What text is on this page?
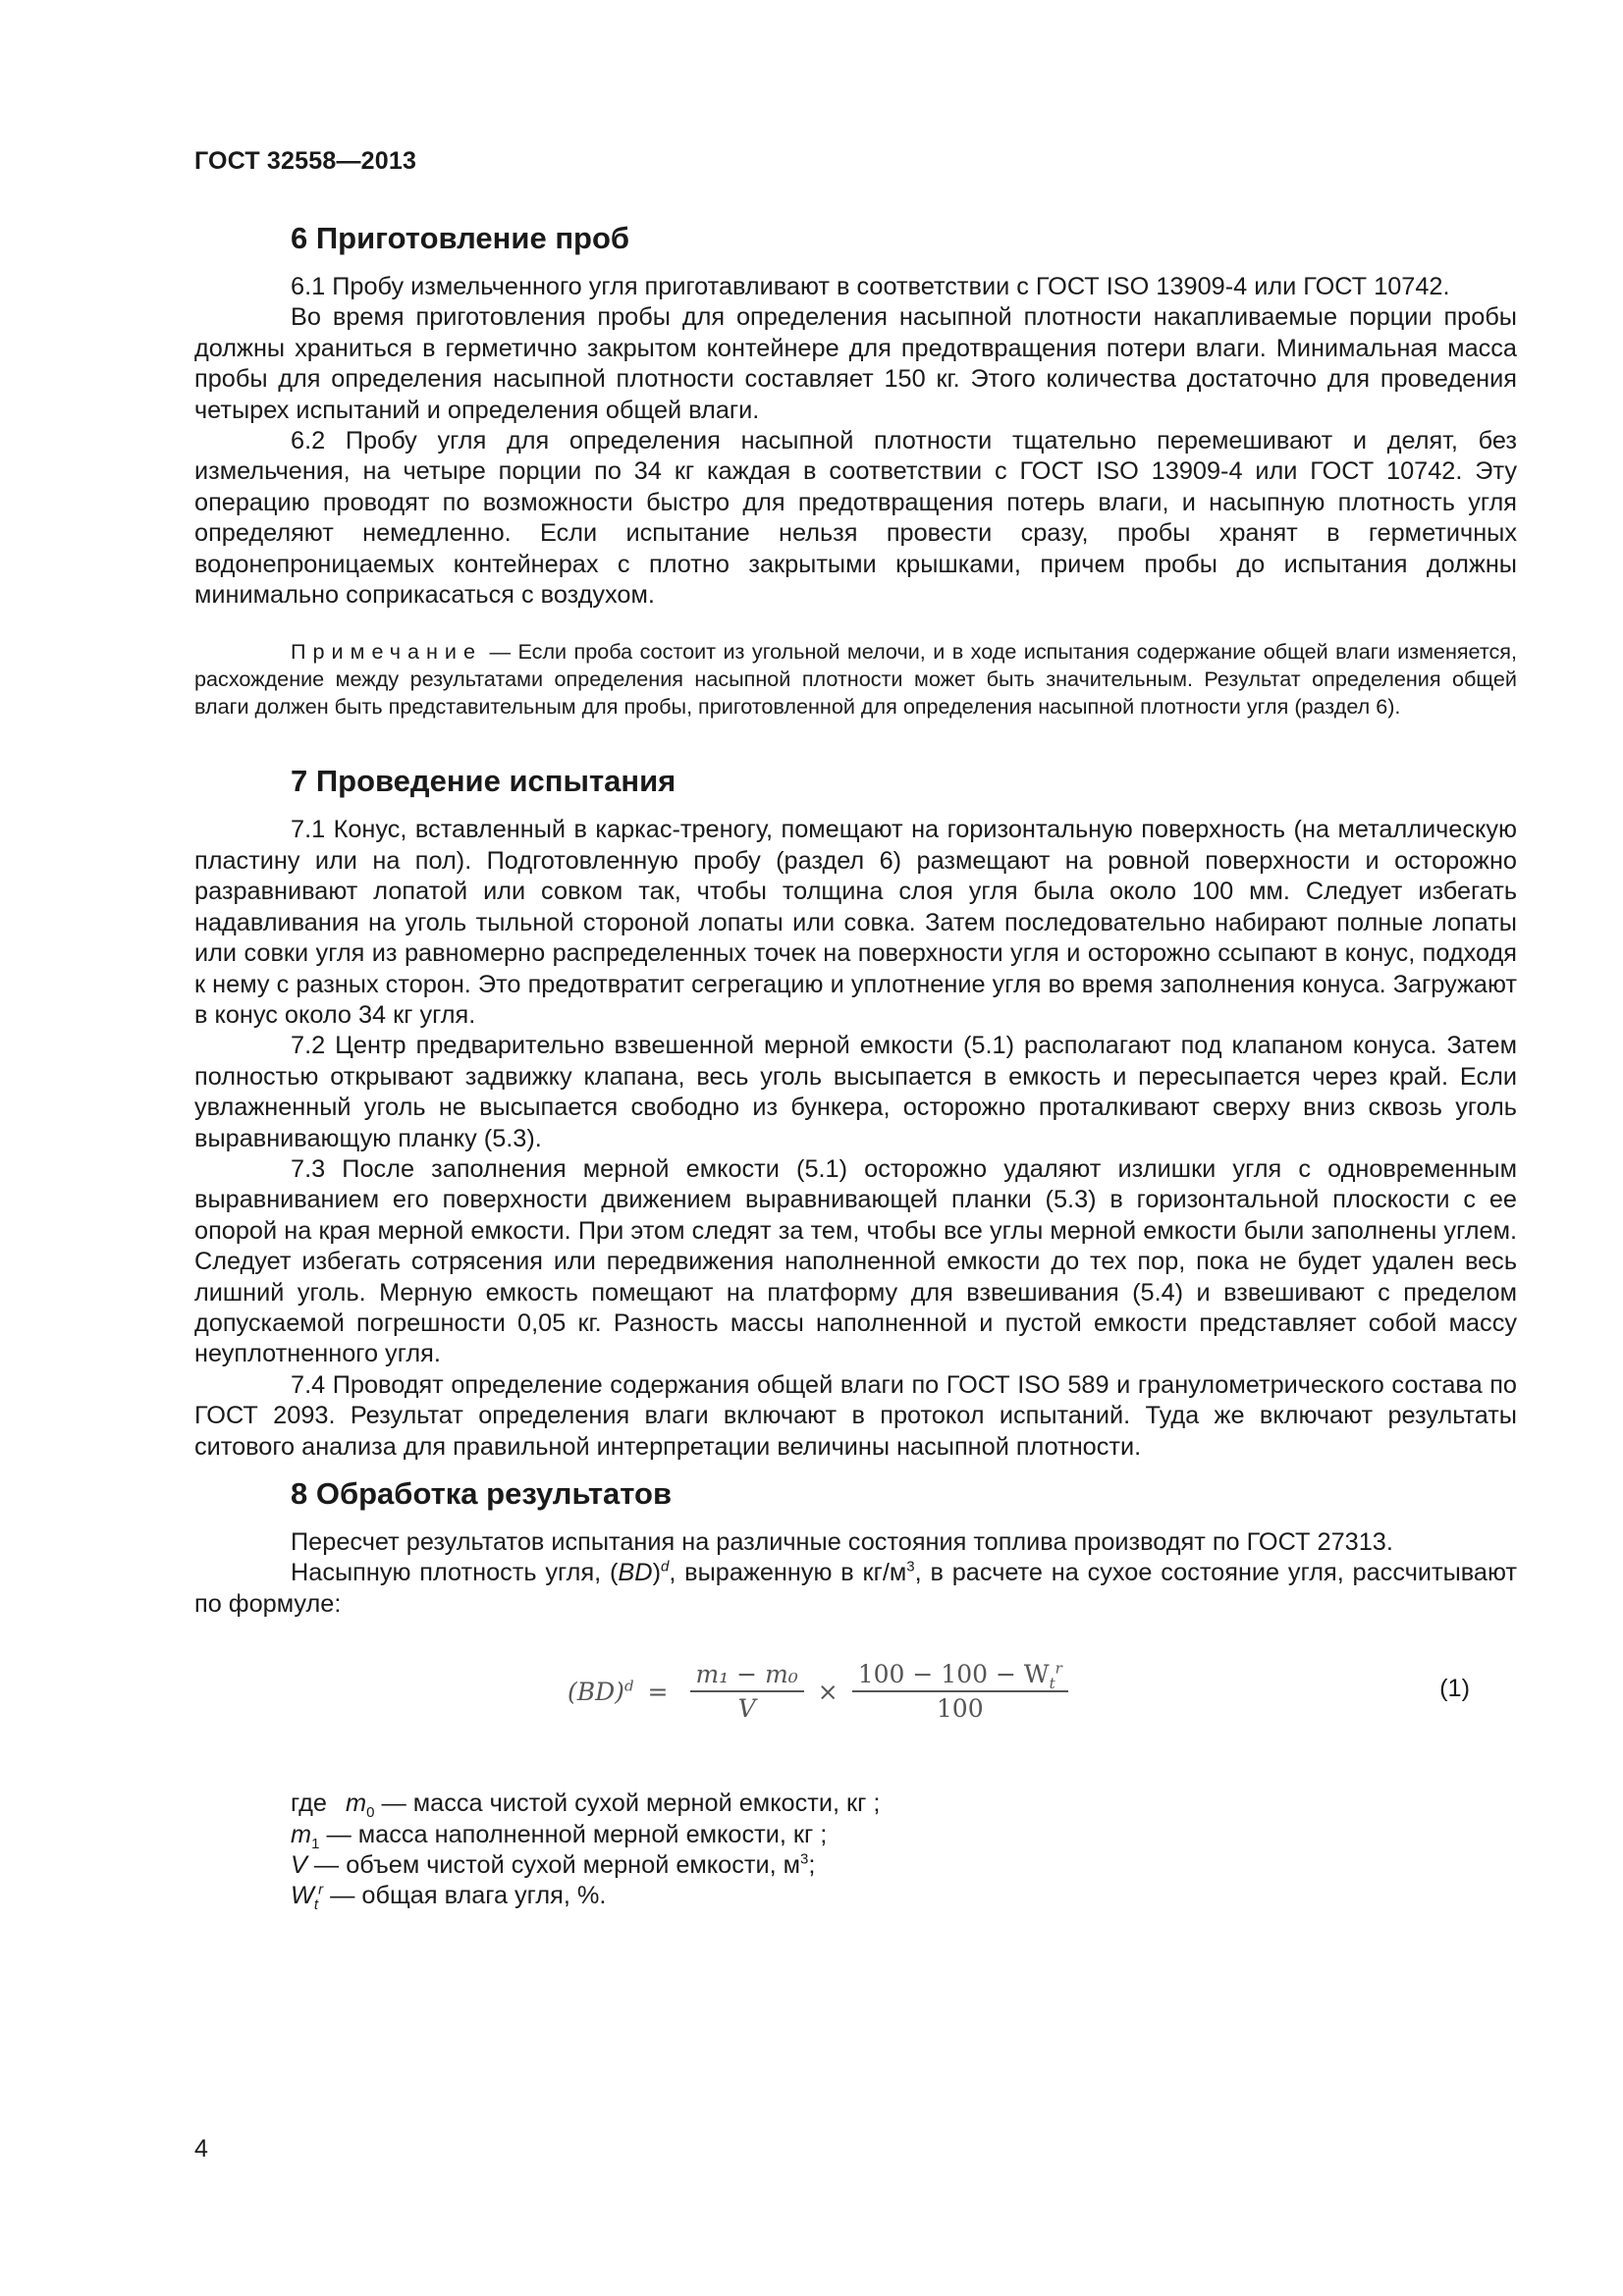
ГОСТ 32558—2013
6 Приготовление проб

6.1 Пробу измельченного угля приготавливают в соответствии с ГОСТ ISO 13909-4 или ГОСТ 10742.

Во время приготовления пробы для определения насыпной плотности накапливаемые порции пробы должны храниться в герметично закрытом контейнере для предотвращения потери влаги. Минимальная масса пробы для определения насыпной плотности составляет 150 кг. Этого количества достаточно для проведения четырех испытаний и определения общей влаги.

6.2 Пробу угля для определения насыпной плотности тщательно перемешивают и делят, без измельчения, на четыре порции по 34 кг каждая в соответствии с ГОСТ ISO 13909-4 или ГОСТ 10742. Эту операцию проводят по возможности быстро для предотвращения потерь влаги, и насыпную плотность угля определяют немедленно. Если испытание нельзя провести сразу, пробы хранят в герметичных водонепроницаемых контейнерах с плотно закрытыми крышками, причем пробы до испытания должны минимально соприкасаться с воздухом.

Примечание — Если проба состоит из угольной мелочи, и в ходе испытания содержание общей влаги изменяется, расхождение между результатами определения насыпной плотности может быть значительным. Результат определения общей влаги должен быть представительным для пробы, приготовленной для определения насыпной плотности угля (раздел 6).
7 Проведение испытания

7.1 Конус, вставленный в каркас-треногу, помещают на горизонтальную поверхность (на металлическую пластину или на пол). Подготовленную пробу (раздел 6) размещают на ровной поверхности и осторожно разравнивают лопатой или совком так, чтобы толщина слоя угля была около 100 мм. Следует избегать надавливания на уголь тыльной стороной лопаты или совка. Затем последовательно набирают полные лопаты или совки угля из равномерно распределенных точек на поверхности угля и осторожно ссыпают в конус, подходя к нему с разных сторон. Это предотвратит сегрегацию и уплотнение угля во время заполнения конуса. Загружают в конус около 34 кг угля.

7.2 Центр предварительно взвешенной мерной емкости (5.1) располагают под клапаном конуса. Затем полностью открывают задвижку клапана, весь уголь высыпается в емкость и пересыпается через край. Если увлажненный уголь не высыпается свободно из бункера, осторожно проталкивают сверху вниз сквозь уголь выравнивающую планку (5.3).

7.3 После заполнения мерной емкости (5.1) осторожно удаляют излишки угля с одновременным выравниванием его поверхности движением выравнивающей планки (5.3) в горизонтальной плоскости с ее опорой на края мерной емкости. При этом следят за тем, чтобы все углы мерной емкости были заполнены углем. Следует избегать сотрясения или передвижения наполненной емкости до тех пор, пока не будет удален весь лишний уголь. Мерную емкость помещают на платформу для взвешивания (5.4) и взвешивают с пределом допускаемой погрешности 0,05 кг. Разность массы наполненной и пустой емкости представляет собой массу неуплотненного угля.

7.4 Проводят определение содержания общей влаги по ГОСТ ISO 589 и гранулометрического состава по ГОСТ 2093. Результат определения влаги включают в протокол испытаний. Туда же включают результаты ситового анализа для правильной интерпретации величины насыпной плотности.

8 Обработка результатов

Пересчет результатов испытания на различные состояния топлива производят по ГОСТ 27313.

Насыпную плотность угля, (BD)$^d$, выраженную в $кг/м^3$, в расчете на сухое состояние угля, рассчитывают по формуле:

$(BD)^d = \frac{\text{m₁ − m₀}}{V} \times \frac{100 - 100 - W_t^r}{100}$	(1)
где $m_0$ — масса чистой сухой мерной емкости, кг ;
$m_1$ — масса наполненной мерной емкости, кг ;
V — объем чистой сухой мерной емкости, $м^3$;
$W_t^r$ — общая влага угля, %.
4
